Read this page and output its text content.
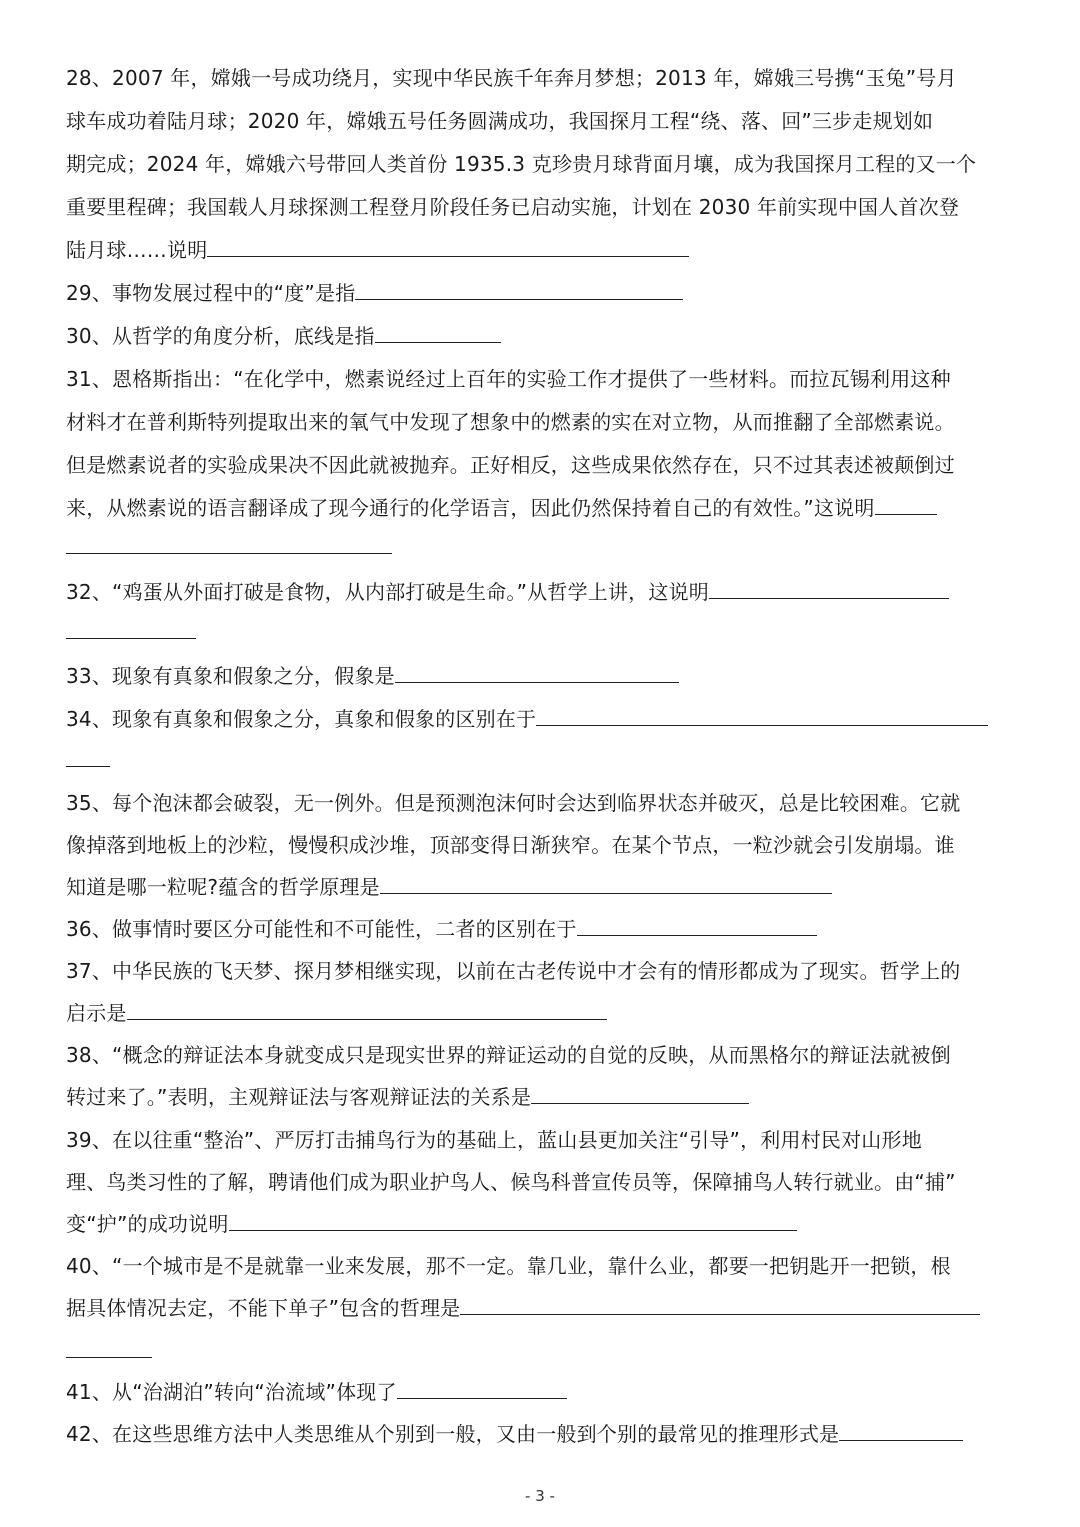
28、2007 年，嫦娥一号成功绕月，实现中华民族千年奔月梦想；2013 年，嫦娥三号携“玉兔”号月
球车成功着陆月球；2020 年，嫦娥五号任务圆满成功，我国探月工程“绕、落、回”三步走规划如
期完成；2024 年，嫦娥六号带回人类首份 1935.3 克珍贵月球背面月壤，成为我国探月工程的又一个
重要里程碑；我国载人月球探测工程登月阶段任务已启动实施，计划在 2030 年前实现中国人首次登
陆月球……说明
29、事物发展过程中的“度”是指
30、从哲学的角度分析，底线是指
31、恩格斯指出：“在化学中，燃素说经过上百年的实验工作才提供了一些材料。而拉瓦锡利用这种
材料才在普利斯特列提取出来的氧气中发现了想象中的燃素的实在对立物，从而推翻了全部燃素说。
但是燃素说者的实验成果决不因此就被抛弃。正好相反，这些成果依然存在，只不过其表述被颠倒过
来，从燃素说的语言翻译成了现今通行的化学语言，因此仍然保持着自己的有效性。”这说明
32、“鸡蛋从外面打破是食物，从内部打破是生命。”从哲学上讲，这说明
33、现象有真象和假象之分，假象是
34、现象有真象和假象之分，真象和假象的区别在于
35、每个泡沫都会破裂，无一例外。但是预测泡沫何时会达到临界状态并破灭，总是比较困难。它就
像掉落到地板上的沙粒，慢慢积成沙堆，顶部变得日渐狭窄。在某个节点，一粒沙就会引发崩塌。谁
知道是哪一粒呢?蕴含的哲学原理是
36、做事情时要区分可能性和不可能性，二者的区别在于
37、中华民族的飞天梦、探月梦相继实现，以前在古老传说中才会有的情形都成为了现实。哲学上的
启示是
38、“概念的辩证法本身就变成只是现实世界的辩证运动的自觉的反映，从而黑格尔的辩证法就被倒
转过来了。”表明，主观辩证法与客观辩证法的关系是
39、在以往重“整治”、严厉打击捕鸟行为的基础上，蓝山县更加关注“引导”，利用村民对山形地
理、鸟类习性的了解，聘请他们成为职业护鸟人、候鸟科普宣传员等，保障捕鸟人转行就业。由“捕”
变“护”的成功说明
40、“一个城市是不是就靠一业来发展，那不一定。靠几业，靠什么业，都要一把钥匙开一把锁，根
据具体情况去定，不能下单子”包含的哲理是
41、从“治湖泊”转向“治流域”体现了
42、在这些思维方法中人类思维从个别到一般，又由一般到个别的最常见的推理形式是
- 3 -
